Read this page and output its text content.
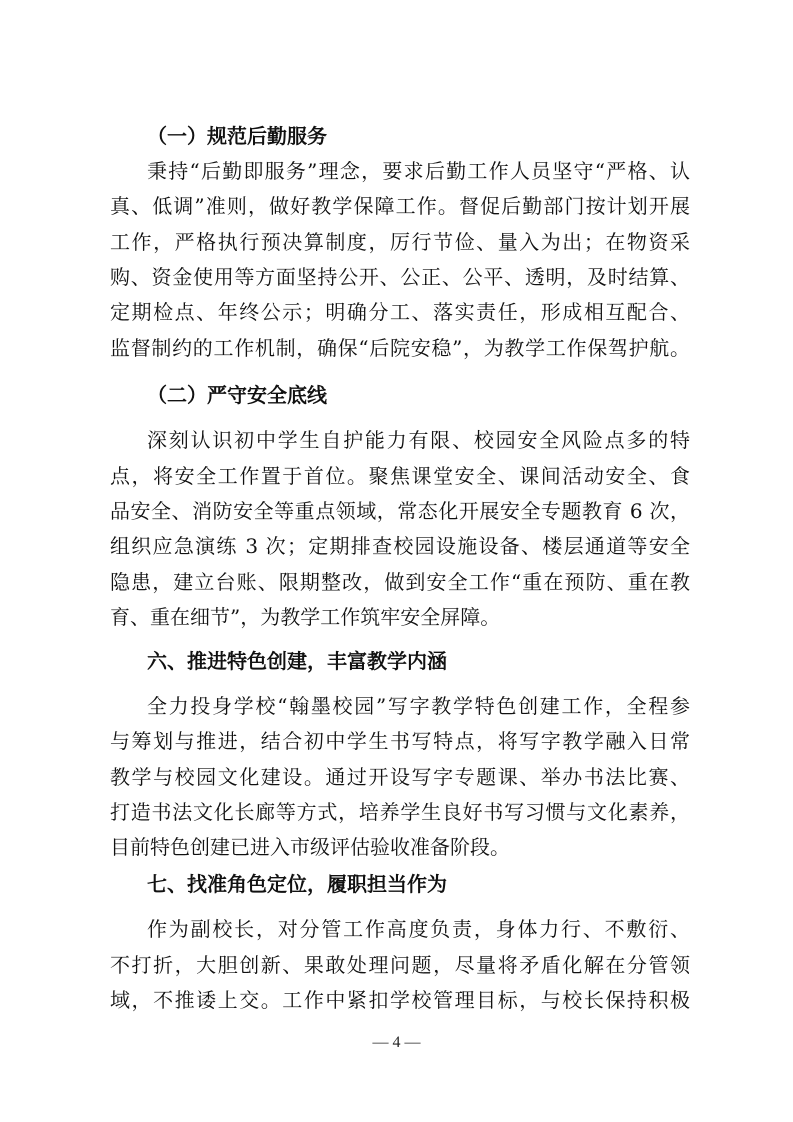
（一）规范后勤服务
秉持“后勤即服务”理念，要求后勤工作人员坚守“严格、认
真、低调”准则，做好教学保障工作。督促后勤部门按计划开展
工作，严格执行预决算制度，厉行节俭、量入为出；在物资采
购、资金使用等方面坚持公开、公正、公平、透明，及时结算、
定期检点、年终公示；明确分工、落实责任，形成相互配合、
监督制约的工作机制，确保“后院安稳”，为教学工作保驾护航。
（二）严守安全底线
深刻认识初中学生自护能力有限、校园安全风险点多的特
点，将安全工作置于首位。聚焦课堂安全、课间活动安全、食
品安全、消防安全等重点领域，常态化开展安全专题教育 6 次，
组织应急演练 3 次；定期排查校园设施设备、楼层通道等安全
隐患，建立台账、限期整改，做到安全工作“重在预防、重在教
育、重在细节”，为教学工作筑牢安全屏障。
六、推进特色创建，丰富教学内涵
全力投身学校“翰墨校园”写字教学特色创建工作，全程参
与筹划与推进，结合初中学生书写特点，将写字教学融入日常
教学与校园文化建设。通过开设写字专题课、举办书法比赛、
打造书法文化长廊等方式，培养学生良好书写习惯与文化素养，
目前特色创建已进入市级评估验收准备阶段。
七、找准角色定位，履职担当作为
作为副校长，对分管工作高度负责，身体力行、不敷衍、
不打折，大胆创新、果敢处理问题，尽量将矛盾化解在分管领
域，不推诿上交。工作中紧扣学校管理目标，与校长保持积极
— 4 —
